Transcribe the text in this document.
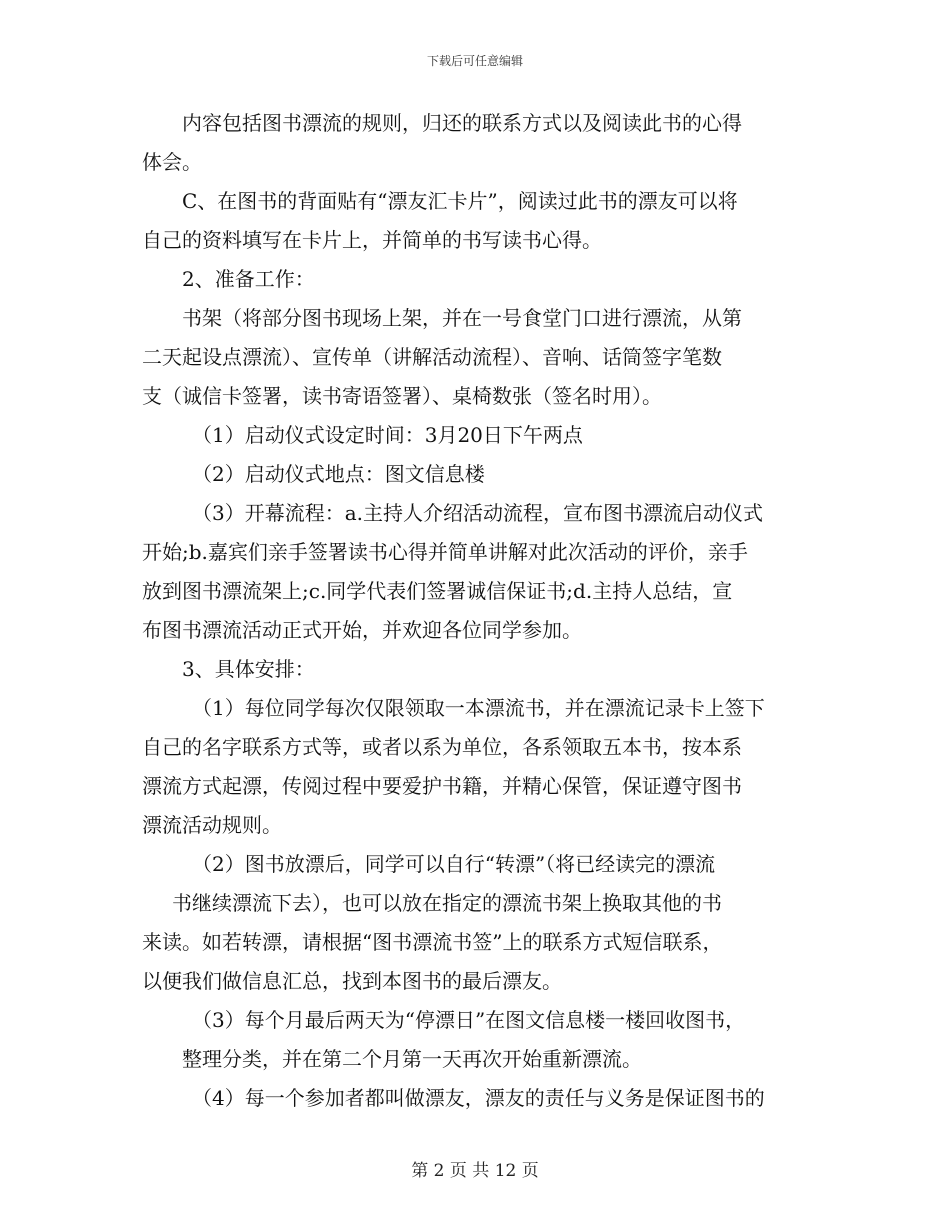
下载后可任意编辑

内容包括图书漂流的规则，归还的联系方式以及阅读此书的心得

体会。

C、在图书的背面贴有“漂友汇卡片”，阅读过此书的漂友可以将

自己的资料填写在卡片上，并简单的书写读书心得。

2、准备工作：

书架（将部分图书现场上架，并在一号食堂门口进行漂流，从第

二天起设点漂流）、宣传单（讲解活动流程）、音响、话筒签字笔数

支（诚信卡签署，读书寄语签署）、桌椅数张（签名时用）。

（1）启动仪式设定时间：3月20日下午两点

（2）启动仪式地点：图文信息楼

（3）开幕流程：a.主持人介绍活动流程，宣布图书漂流启动仪式

开始;b.嘉宾们亲手签署读书心得并简单讲解对此次活动的评价，亲手

放到图书漂流架上;c.同学代表们签署诚信保证书;d.主持人总结，宣

布图书漂流活动正式开始，并欢迎各位同学参加。

3、具体安排：

（1）每位同学每次仅限领取一本漂流书，并在漂流记录卡上签下

自己的名字联系方式等，或者以系为单位，各系领取五本书，按本系

漂流方式起漂，传阅过程中要爱护书籍，并精心保管，保证遵守图书

漂流活动规则。

（2）图书放漂后，同学可以自行“转漂”（将已经读完的漂流

书继续漂流下去），也可以放在指定的漂流书架上换取其他的书

来读。如若转漂，请根据“图书漂流书签”上的联系方式短信联系，

以便我们做信息汇总，找到本图书的最后漂友。

（3）每个月最后两天为“停漂日”在图文信息楼一楼回收图书，

整理分类，并在第二个月第一天再次开始重新漂流。

（4）每一个参加者都叫做漂友，漂友的责任与义务是保证图书的

第 2 页 共 12 页
